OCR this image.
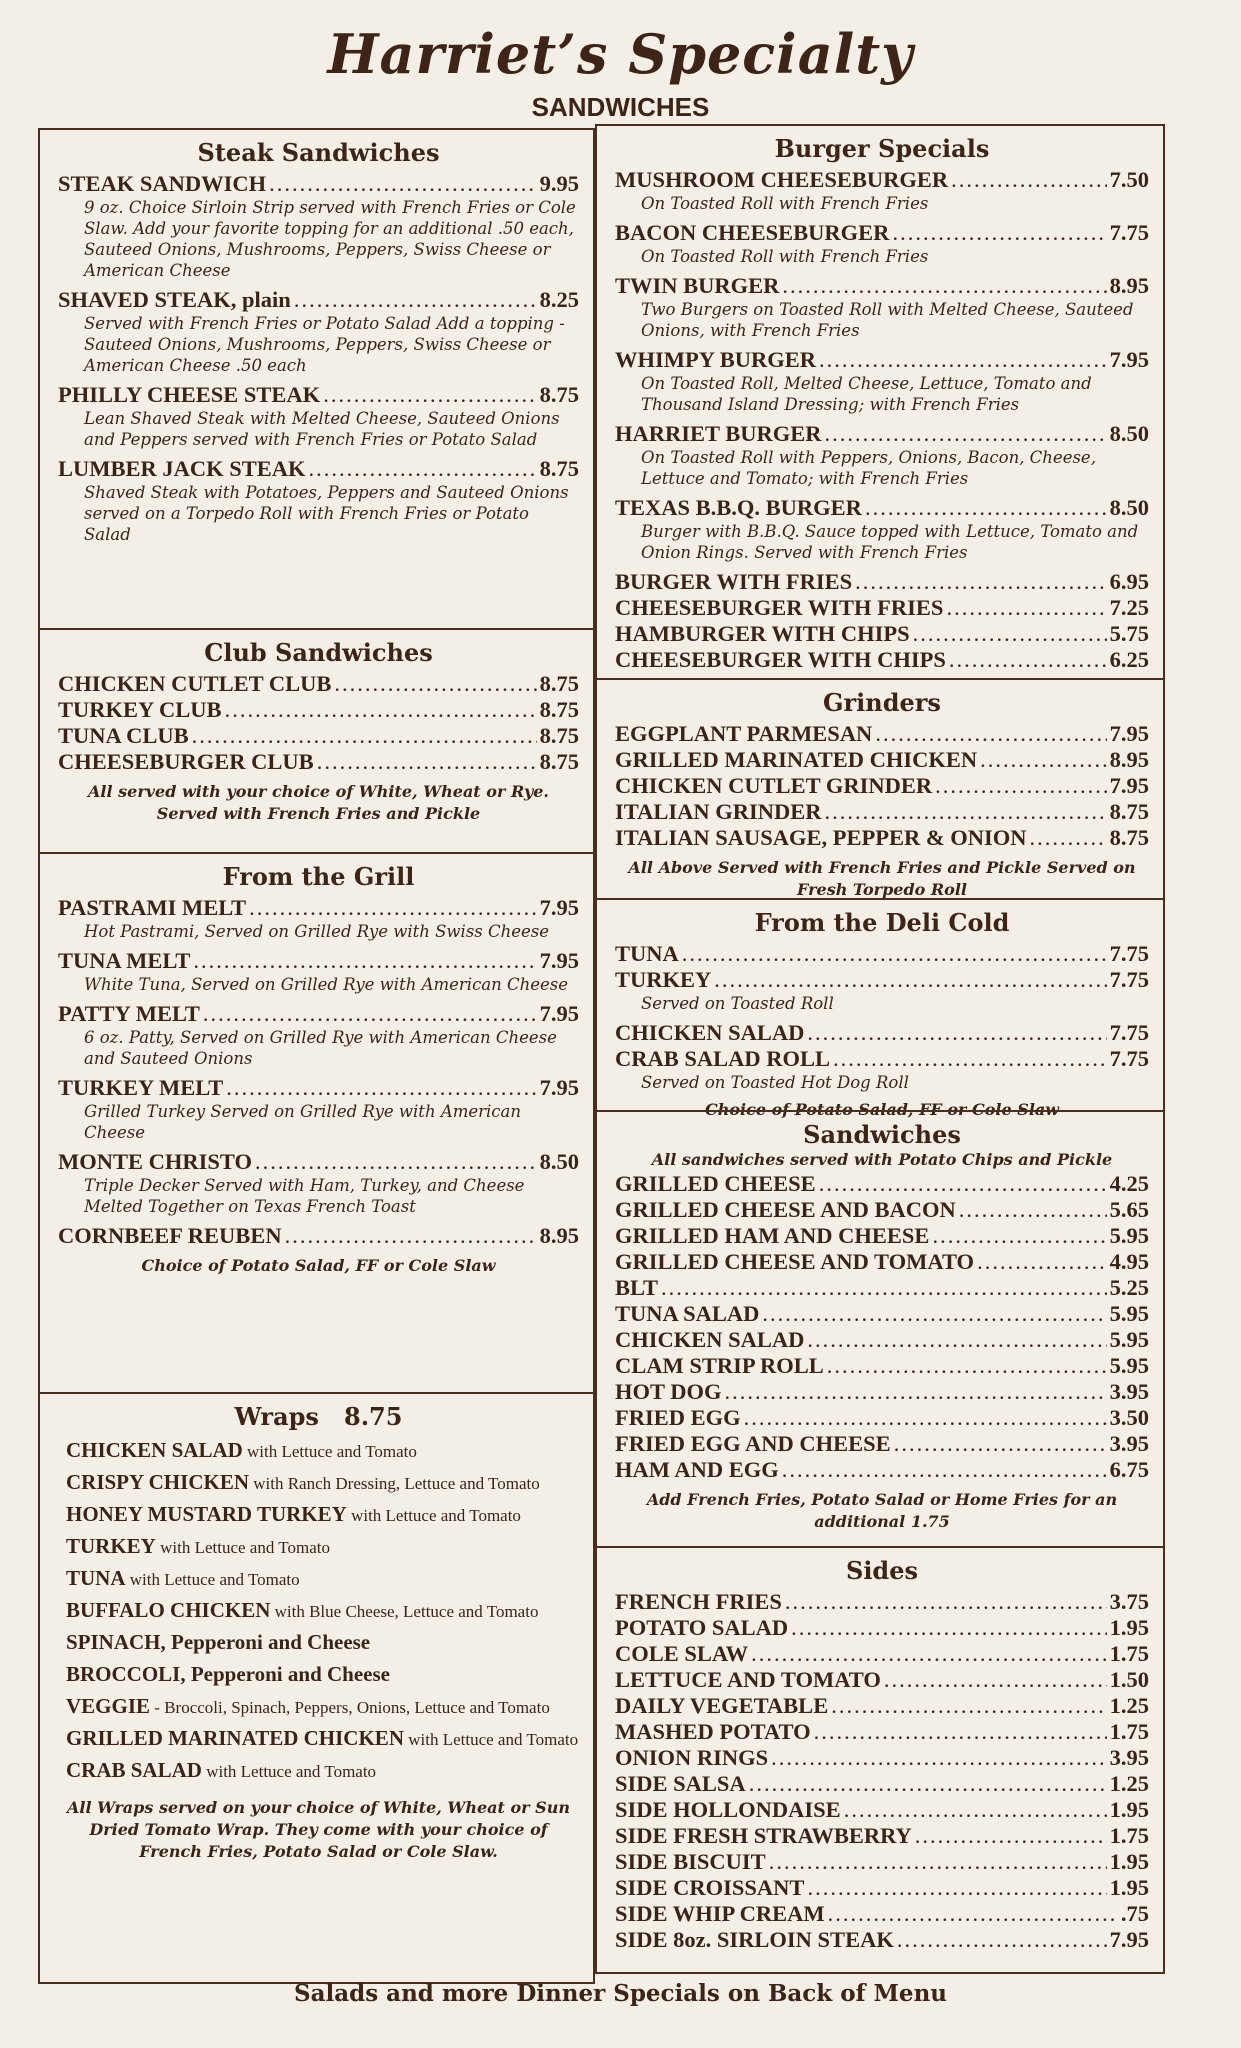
Harriet’s Specialty
SANDWICHES
Steak Sandwiches
STEAK SANDWICH .....	9.95
9 oz. Choice Sirloin Strip served with French Fries or Cole Slaw. Add your favorite topping for an additional .50 each, Sauteed Onions, Mushrooms, Peppers, Swiss Cheese or American Cheese
SHAVED STEAK, plain .....	8.25
Served with French Fries or Potato Salad Add a topping - Sauteed Onions, Mushrooms, Peppers, Swiss Cheese or American Cheese .50 each
PHILLY CHEESE STEAK .....	8.75
Lean Shaved Steak with Melted Cheese, Sauteed Onions and Peppers served with French Fries or Potato Salad
LUMBER JACK STEAK .....	8.75
Shaved Steak with Potatoes, Peppers and Sauteed Onions served on a Torpedo Roll with French Fries or Potato Salad
Club Sandwiches
CHICKEN CUTLET CLUB .....	8.75
TURKEY CLUB .....	8.75
TUNA CLUB .....	8.75
CHEESEBURGER CLUB .....	8.75
All served with your choice of White, Wheat or Rye. Served with French Fries and Pickle
From the Grill
PASTRAMI MELT .....	7.95
Hot Pastrami, Served on Grilled Rye with Swiss Cheese
TUNA MELT .....	7.95
White Tuna, Served on Grilled Rye with American Cheese
PATTY MELT .....	7.95
6 oz. Patty, Served on Grilled Rye with American Cheese and Sauteed Onions
TURKEY MELT .....	7.95
Grilled Turkey Served on Grilled Rye with American Cheese
MONTE CHRISTO .....	8.50
Triple Decker Served with Ham, Turkey, and Cheese Melted Together on Texas French Toast
CORNBEEF REUBEN .....	8.95
Choice of Potato Salad, FF or Cole Slaw
Wraps 8.75
CHICKEN SALAD with Lettuce and Tomato
CRISPY CHICKEN with Ranch Dressing, Lettuce and Tomato
HONEY MUSTARD TURKEY with Lettuce and Tomato
TURKEY with Lettuce and Tomato
TUNA with Lettuce and Tomato
BUFFALO CHICKEN with Blue Cheese, Lettuce and Tomato
SPINACH, Pepperoni and Cheese
BROCCOLI, Pepperoni and Cheese
VEGGIE - Broccoli, Spinach, Peppers, Onions, Lettuce and Tomato
GRILLED MARINATED CHICKEN with Lettuce and Tomato
CRAB SALAD with Lettuce and Tomato
All Wraps served on your choice of White, Wheat or Sun Dried Tomato Wrap. They come with your choice of French Fries, Potato Salad or Cole Slaw.
Burger Specials
MUSHROOM CHEESEBURGER .....	7.50
On Toasted Roll with French Fries
BACON CHEESEBURGER .....	7.75
On Toasted Roll with French Fries
TWIN BURGER .....	8.95
Two Burgers on Toasted Roll with Melted Cheese, Sauteed Onions, with French Fries
WHIMPY BURGER .....	7.95
On Toasted Roll, Melted Cheese, Lettuce, Tomato and Thousand Island Dressing; with French Fries
HARRIET BURGER .....	8.50
On Toasted Roll with Peppers, Onions, Bacon, Cheese, Lettuce and Tomato; with French Fries
TEXAS B.B.Q. BURGER .....	8.50
Burger with B.B.Q. Sauce topped with Lettuce, Tomato and Onion Rings. Served with French Fries
BURGER WITH FRIES .....	6.95
CHEESEBURGER WITH FRIES .....	7.25
HAMBURGER WITH CHIPS .....	5.75
CHEESEBURGER WITH CHIPS .....	6.25
Grinders
EGGPLANT PARMESAN .....	7.95
GRILLED MARINATED CHICKEN .....	8.95
CHICKEN CUTLET GRINDER .....	7.95
ITALIAN GRINDER .....	8.75
ITALIAN SAUSAGE, PEPPER & ONION .....	8.75
All Above Served with French Fries and Pickle Served on Fresh Torpedo Roll
From the Deli Cold
TUNA .....	7.75
TURKEY .....	7.75
Served on Toasted Roll
CHICKEN SALAD .....	7.75
CRAB SALAD ROLL .....	7.75
Served on Toasted Hot Dog Roll
Choice of Potato Salad, FF or Cole Slaw
Sandwiches
All sandwiches served with Potato Chips and Pickle
GRILLED CHEESE .....	4.25
GRILLED CHEESE AND BACON .....	5.65
GRILLED HAM AND CHEESE .....	5.95
GRILLED CHEESE AND TOMATO .....	4.95
BLT .....	5.25
TUNA SALAD .....	5.95
CHICKEN SALAD .....	5.95
CLAM STRIP ROLL .....	5.95
HOT DOG .....	3.95
FRIED EGG .....	3.50
FRIED EGG AND CHEESE .....	3.95
HAM AND EGG .....	6.75
Add French Fries, Potato Salad or Home Fries for an additional 1.75
Sides
FRENCH FRIES .....	3.75
POTATO SALAD .....	1.95
COLE SLAW .....	1.75
LETTUCE AND TOMATO .....	1.50
DAILY VEGETABLE .....	1.25
MASHED POTATO .....	1.75
ONION RINGS .....	3.95
SIDE SALSA .....	1.25
SIDE HOLLONDAISE .....	1.95
SIDE FRESH STRAWBERRY .....	1.75
SIDE BISCUIT .....	1.95
SIDE CROISSANT .....	1.95
SIDE WHIP CREAM .....	.75
SIDE 8oz. SIRLOIN STEAK .....	7.95
Salads and more Dinner Specials on Back of Menu
